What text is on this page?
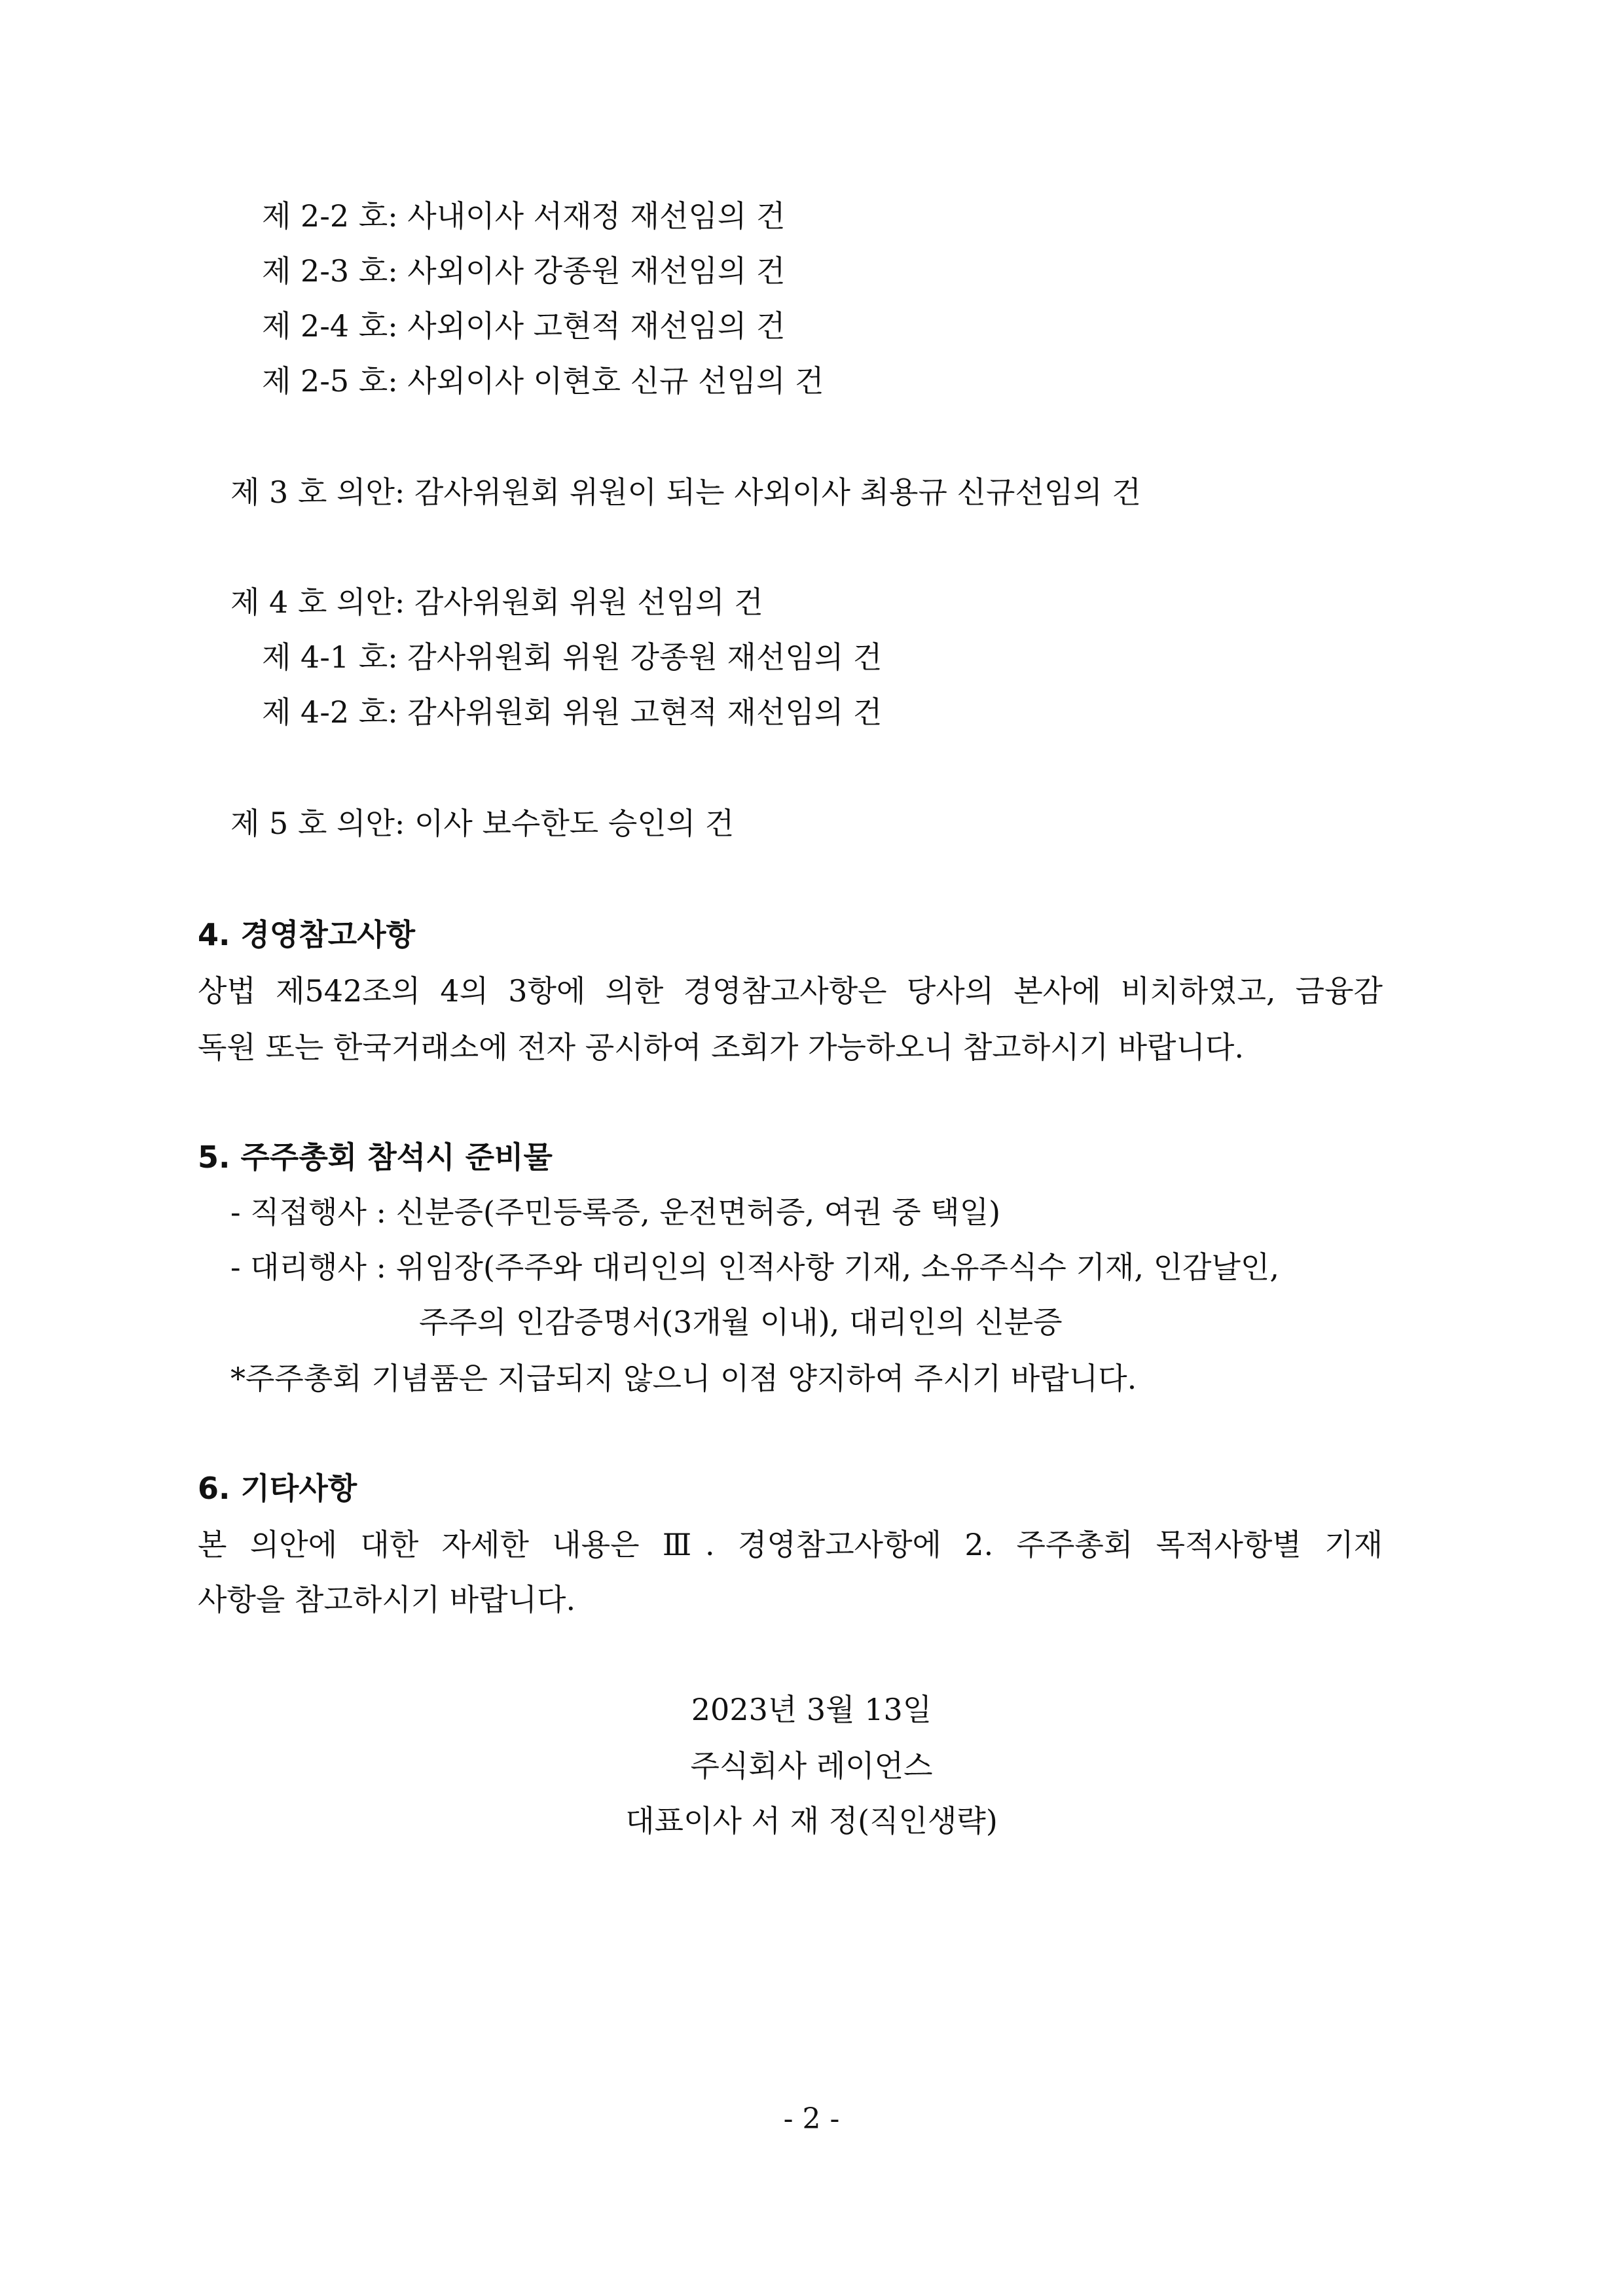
제 2-2 호: 사내이사 서재정 재선임의 건
제 2-3 호: 사외이사 강종원 재선임의 건
제 2-4 호: 사외이사 고현적 재선임의 건
제 2-5 호: 사외이사 이현호 신규 선임의 건
제 3 호 의안: 감사위원회 위원이 되는 사외이사 최용규 신규선임의 건
제 4 호 의안: 감사위원회 위원 선임의 건
제 4-1 호: 감사위원회 위원 강종원 재선임의 건
제 4-2 호: 감사위원회 위원 고현적 재선임의 건
제 5 호 의안: 이사 보수한도 승인의 건
4. 경영참고사항
상법 제542조의 4의 3항에 의한 경영참고사항은 당사의 본사에 비치하였고, 금융감
독원 또는 한국거래소에 전자 공시하여 조회가 가능하오니 참고하시기 바랍니다.
5. 주주총회 참석시 준비물
- 직접행사 : 신분증(주민등록증, 운전면허증, 여권 중 택일)
- 대리행사 : 위임장(주주와 대리인의 인적사항 기재, 소유주식수 기재, 인감날인,
주주의 인감증명서(3개월 이내), 대리인의 신분증
*주주총회 기념품은 지급되지 않으니 이점 양지하여 주시기 바랍니다.
6. 기타사항
본 의안에 대한 자세한 내용은 Ⅲ. 경영참고사항에 2. 주주총회 목적사항별 기재
사항을 참고하시기 바랍니다.
2023년 3월 13일
주식회사 레이언스
대표이사 서 재 정(직인생략)
- 2 -
